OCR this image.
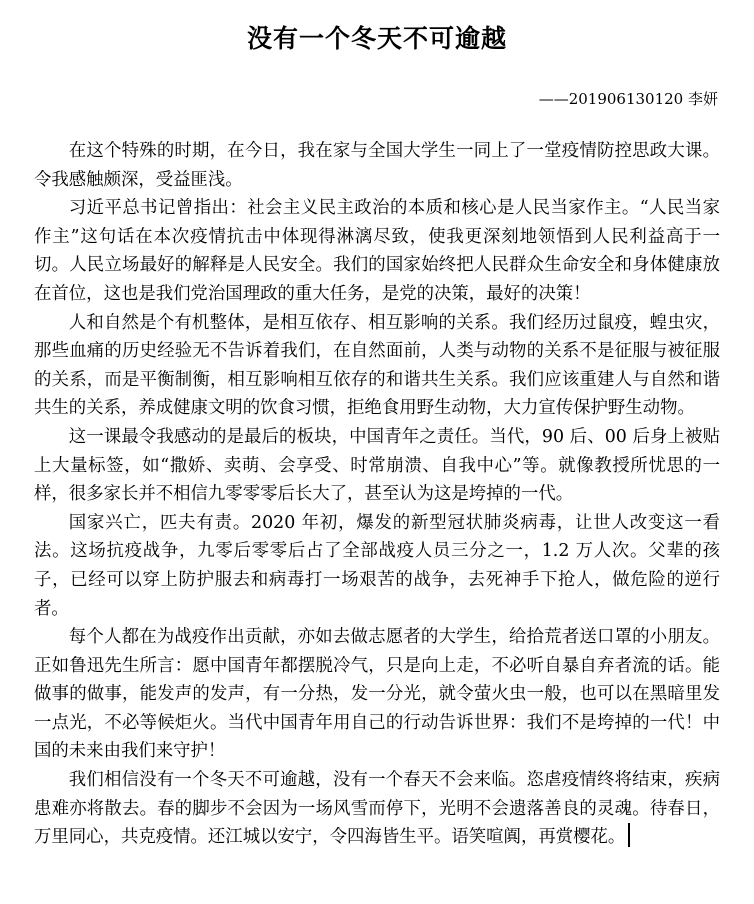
没有一个冬天不可逾越
——201906130120 李妍

在这个特殊的时期，在今日，我在家与全国大学生一同上了一堂疫情防控思政大课。令我感触颇深，受益匪浅。

习近平总书记曾指出：社会主义民主政治的本质和核心是人民当家作主。“人民当家作主”这句话在本次疫情抗击中体现得淋漓尽致，使我更深刻地领悟到人民利益高于一切。人民立场最好的解释是人民安全。我们的国家始终把人民群众生命安全和身体健康放在首位，这也是我们党治国理政的重大任务，是党的决策，最好的决策！

人和自然是个有机整体，是相互依存、相互影响的关系。我们经历过鼠疫，蝗虫灾，那些血痛的历史经验无不告诉着我们，在自然面前，人类与动物的关系不是征服与被征服的关系，而是平衡制衡，相互影响相互依存的和谐共生关系。我们应该重建人与自然和谐共生的关系，养成健康文明的饮食习惯，拒绝食用野生动物，大力宣传保护野生动物。

这一课最令我感动的是最后的板块，中国青年之责任。当代，90 后、00 后身上被贴上大量标签，如“撒娇、卖萌、会享受、时常崩溃、自我中心”等。就像教授所忧思的一样，很多家长并不相信九零零零后长大了，甚至认为这是垮掉的一代。

国家兴亡，匹夫有责。2020 年初，爆发的新型冠状肺炎病毒，让世人改变这一看法。这场抗疫战争，九零后零零后占了全部战疫人员三分之一，1.2 万人次。父辈的孩子，已经可以穿上防护服去和病毒打一场艰苦的战争，去死神手下抢人，做危险的逆行者。

每个人都在为战疫作出贡献，亦如去做志愿者的大学生，给拾荒者送口罩的小朋友。正如鲁迅先生所言：愿中国青年都摆脱冷气，只是向上走，不必听自暴自弃者流的话。能做事的做事，能发声的发声，有一分热，发一分光，就令萤火虫一般，也可以在黑暗里发一点光，不必等候炬火。当代中国青年用自己的行动告诉世界：我们不是垮掉的一代！中国的未来由我们来守护！

我们相信没有一个冬天不可逾越，没有一个春天不会来临。恣虐疫情终将结束，疾病患难亦将散去。春的脚步不会因为一场风雪而停下，光明不会遗落善良的灵魂。待春日，万里同心，共克疫情。还江城以安宁，令四海皆生平。语笑喧阗，再赏樱花。
